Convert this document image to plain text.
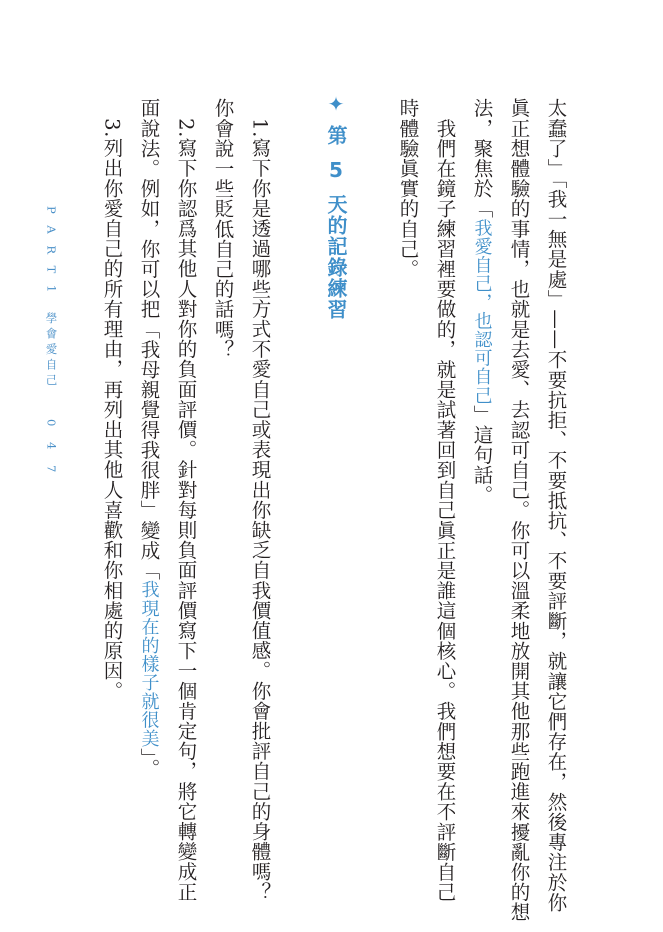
太蠢了」「我一無是處」——不要抗拒、不要抵抗、不要評斷，就讓它們存在，然後專注於你
眞正想體驗的事情，也就是去愛、去認可自己。你可以溫柔地放開其他那些跑進來擾亂你的想
法，聚焦於「我愛自己，也認可自己」這句話。
　我們在鏡子練習裡要做的，就是試著回到自己眞正是誰這個核心。我們想要在不評斷自己
時體驗眞實的自己。
✦ 第 5 天的記錄練習
　1.寫下你是透過哪些方式不愛自己或表現出你缺乏自我價值感。你會批評自己的身體嗎？
你會說一些貶低自己的話嗎？
　2.寫下你認爲其他人對你的負面評價。針對每則負面評價寫下一個肯定句，將它轉變成正
面說法。例如，你可以把「我母親覺得我很胖」變成「我現在的樣子就很美」。
　3.列出你愛自己的所有理由，再列出其他人喜歡和你相處的原因。
P A R T 1　學會愛自己 0 4 7
